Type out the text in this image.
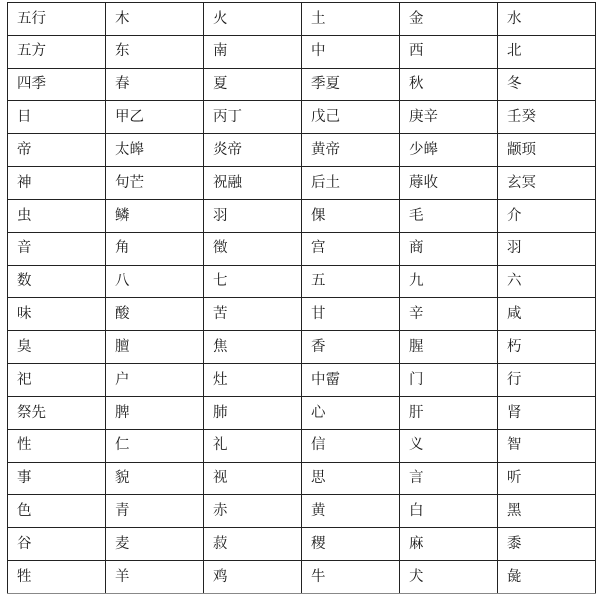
五行	木	火	土	金	水
五方	东	南	中	西	北
四季	春	夏	季夏	秋	冬
日	甲乙	丙丁	戊己	庚辛	壬癸
帝	太皞	炎帝	黄帝	少皞	颛顼
神	句芒	祝融	后土	蓐收	玄冥
虫	鳞	羽	倮	毛	介
音	角	徵	宫	商	羽
数	八	七	五	九	六
味	酸	苦	甘	辛	咸
臭	膻	焦	香	腥	朽
祀	户	灶	中霤	门	行
祭先	脾	肺	心	肝	肾
性	仁	礼	信	义	智
事	貌	视	思	言	听
色	青	赤	黄	白	黑
谷	麦	菽	稷	麻	黍
牲	羊	鸡	牛	犬	彘
